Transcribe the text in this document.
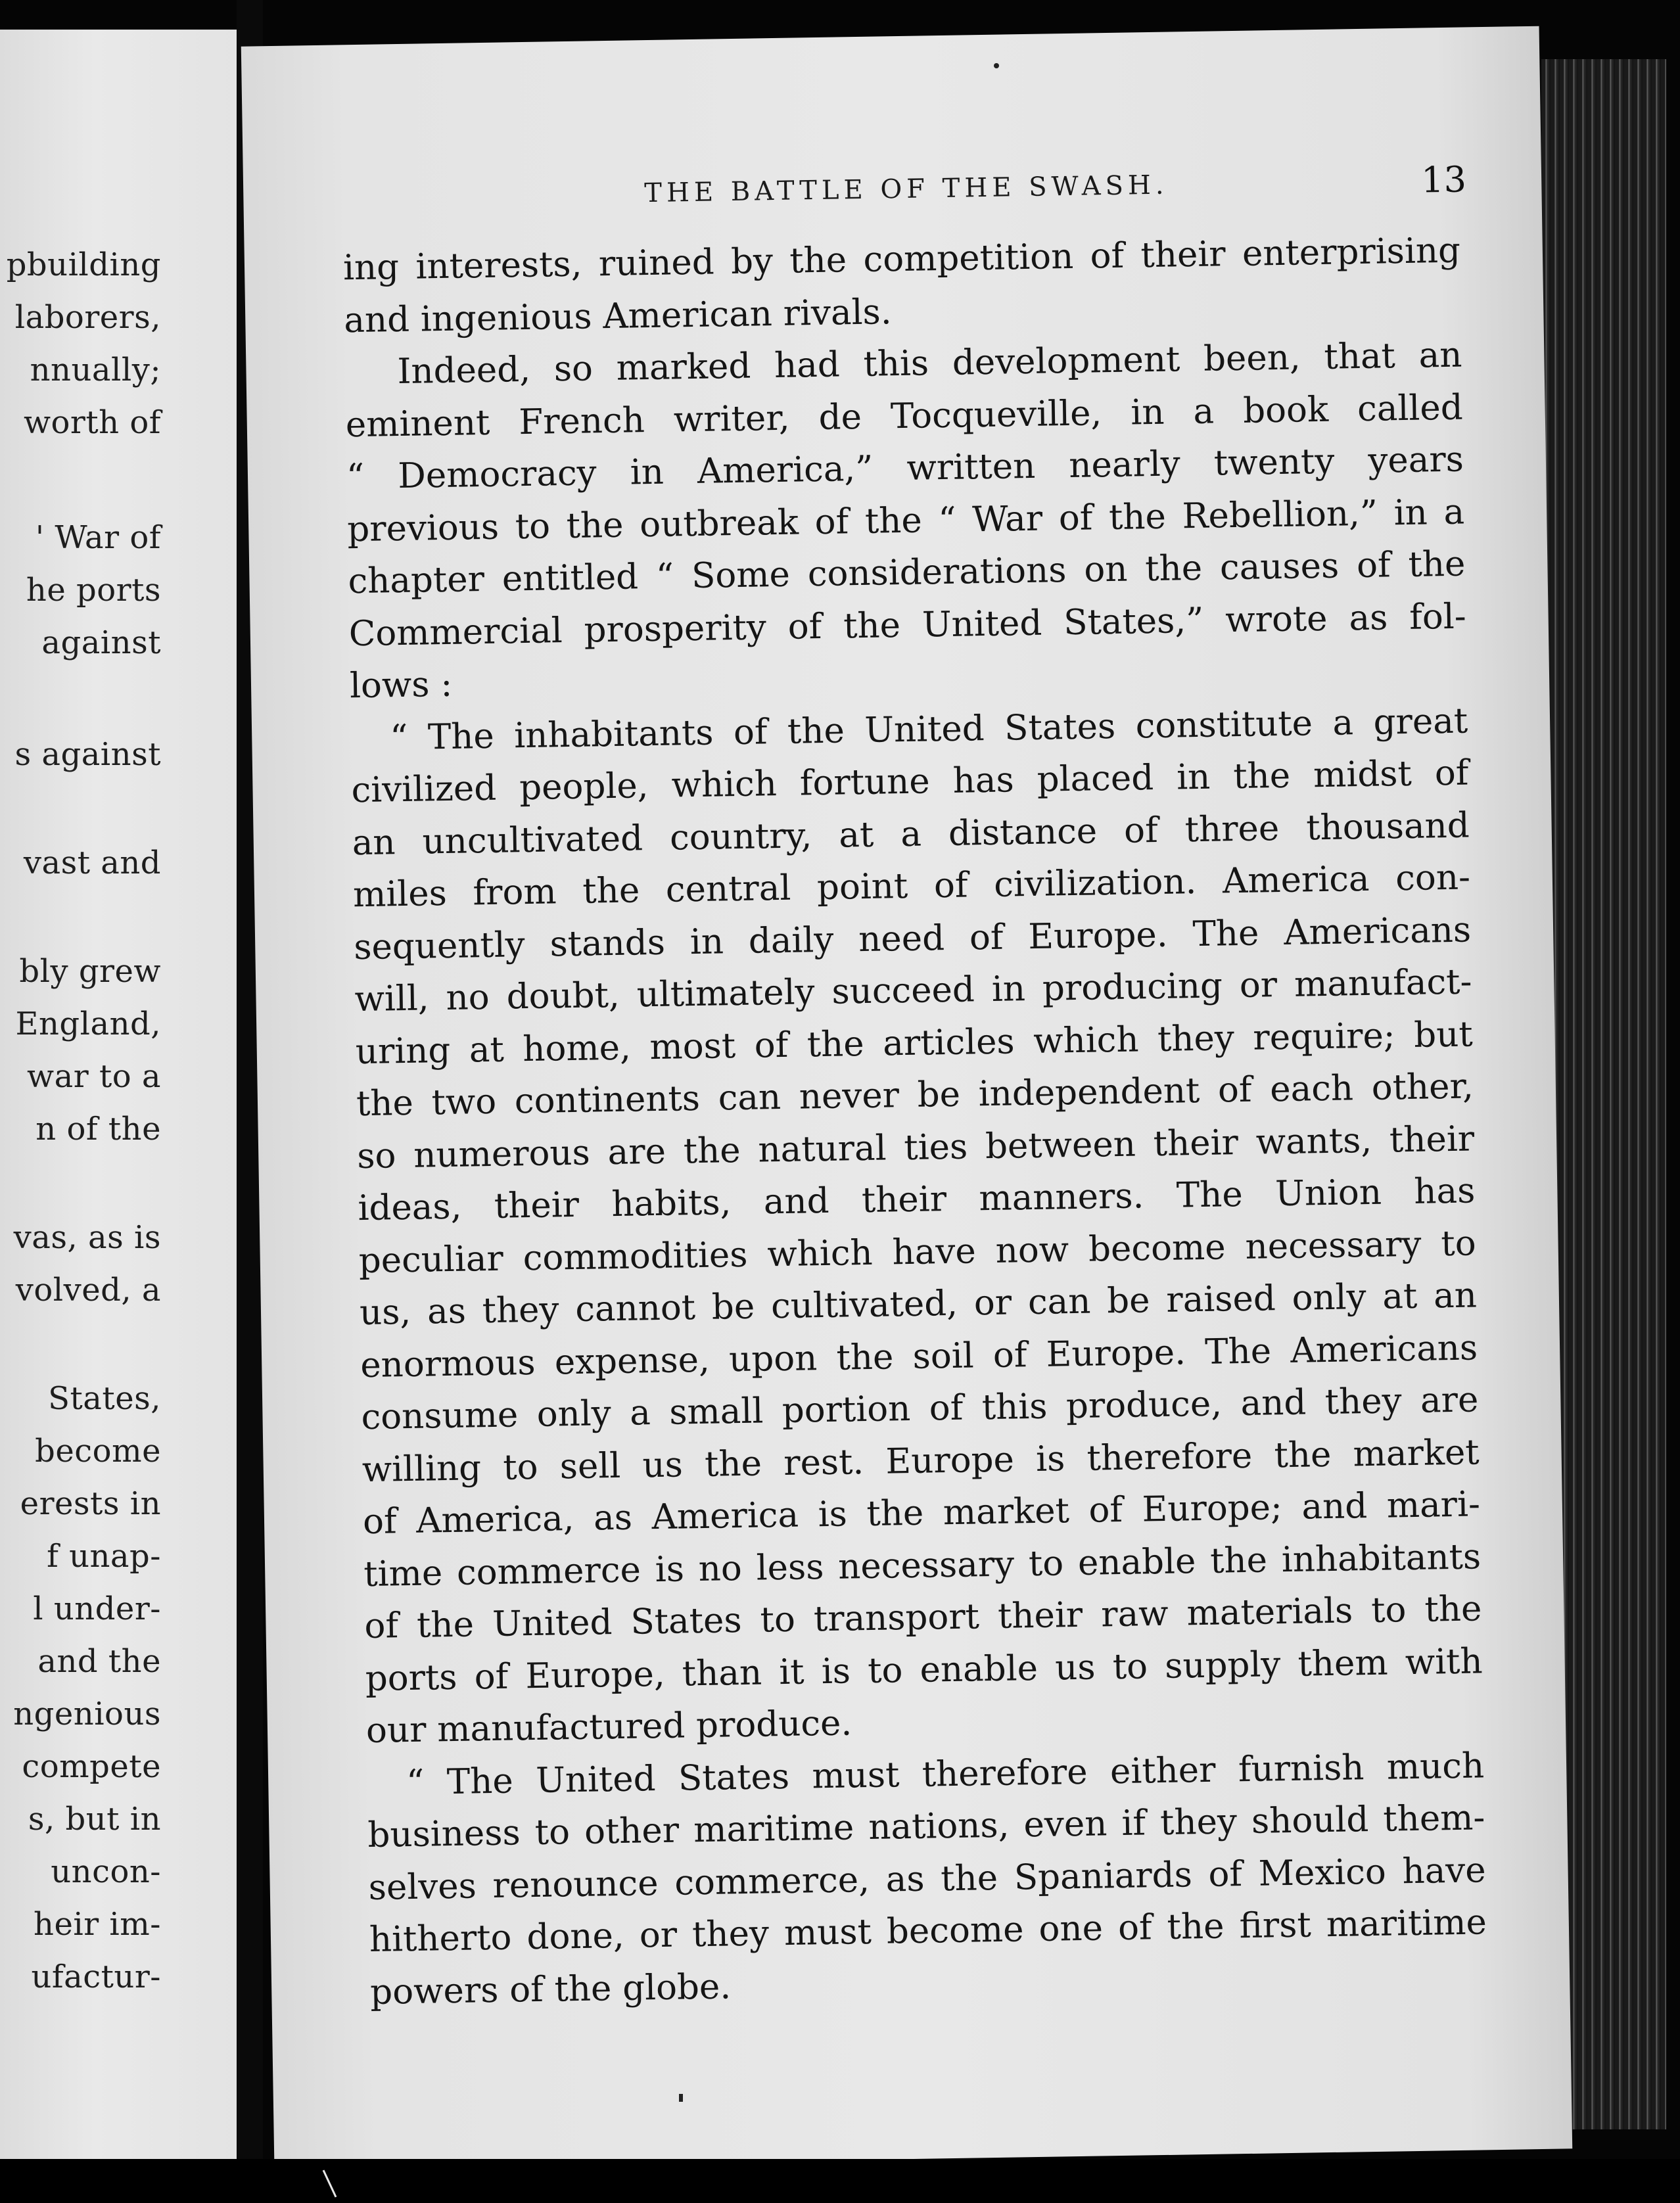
pbuilding
laborers,
nnually;
worth of
' War of
he ports
against
s against
vast and
bly grew
England,
war to a
n of the
vas, as is
volved, a
States,
become
erests in
f unap-
l under-
and the
ngenious
compete
s, but in
uncon-
heir im-
ufactur-
THE BATTLE OF THE SWASH.	13

ing interests, ruined by the competition of their enterprising

and ingenious American rivals.

Indeed, so marked had this development been, that an

eminent French writer, de Tocqueville, in a book called

“ Democracy in America,” written nearly twenty years

previous to the outbreak of the “ War of the Rebellion,” in a

chapter entitled “ Some considerations on the causes of the

Commercial prosperity of the United States,” wrote as fol-

lows :

“ The inhabitants of the United States constitute a great

civilized people, which fortune has placed in the midst of

an uncultivated country, at a distance of three thousand

miles from the central point of civilization. America con-

sequently stands in daily need of Europe. The Americans

will, no doubt, ultimately succeed in producing or manufact-

uring at home, most of the articles which they require; but

the two continents can never be independent of each other,

so numerous are the natural ties between their wants, their

ideas, their habits, and their manners. The Union has

peculiar commodities which have now become necessary to

us, as they cannot be cultivated, or can be raised only at an

enormous expense, upon the soil of Europe. The Americans

consume only a small portion of this produce, and they are

willing to sell us the rest. Europe is therefore the market

of America, as America is the market of Europe; and mari-

time commerce is no less necessary to enable the inhabitants

of the United States to transport their raw materials to the

ports of Europe, than it is to enable us to supply them with

our manufactured produce.

“ The United States must therefore either furnish much

business to other maritime nations, even if they should them-

selves renounce commerce, as the Spaniards of Mexico have

hitherto done, or they must become one of the first maritime

powers of the globe.
